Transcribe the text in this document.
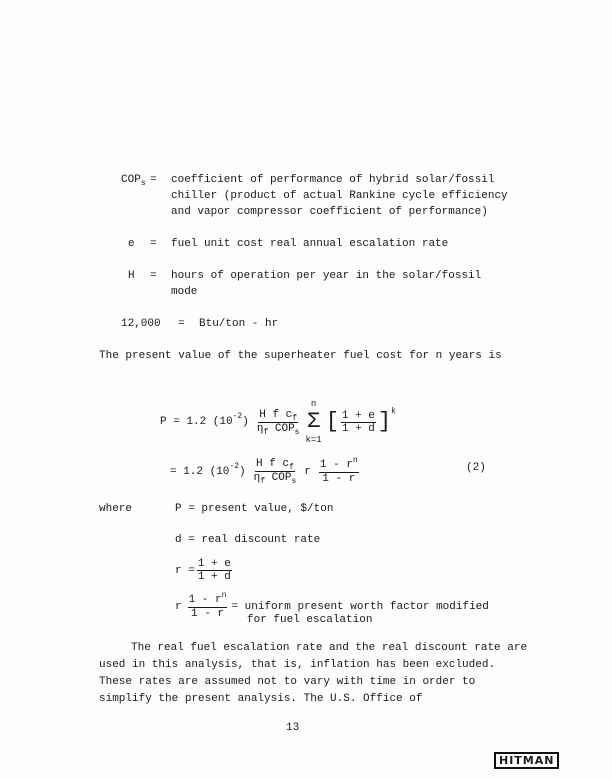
$COP_s$ = coefficient of performance of hybrid solar/fossil
chiller (product of actual Rankine cycle efficiency
and vapor compressor coefficient of performance)
e = fuel unit cost real annual escalation rate
H = hours of operation per year in the solar/fossil
mode
12,000 = Btu/ton - hr
The present value of the superheater fuel cost for n years is
P = 1.2 (10 -2 ) $\frac{H f c_f}{\eta_f COP_s}$
n
Σ
k=1
[ $\frac{1 + e}{1 + d}$ ] k
= 1.2 (10 -2 ) $\frac{H f c_f}{\eta_f COP_s}$ r $\frac{1 - r^n}{1 - r}$	(2)
where	P = present value, $/ton
d = real discount rate
$r = \frac{1 + e}{1 + d}$
r $\frac{1 - r^n}{1 - r}$ = uniform present worth factor modified
for fuel escalation
The real fuel escalation rate and the real discount rate are used in this analysis, that is, inflation has been excluded. These rates are assumed not to vary with time in order to simplify the present analysis. The U.S. Office of
13
HITMAN
